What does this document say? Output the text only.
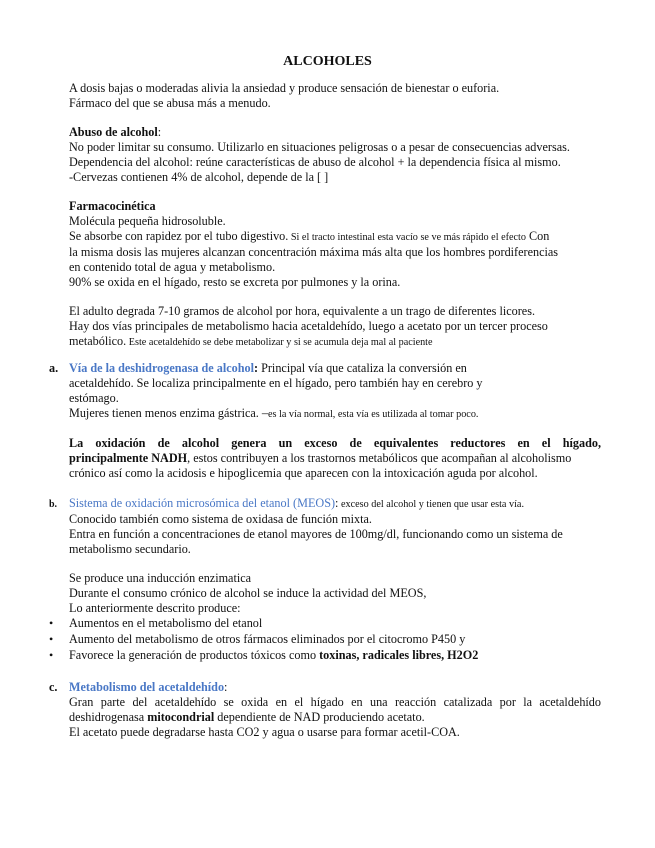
ALCOHOLES
A dosis bajas o moderadas alivia la ansiedad y produce sensación de bienestar o euforia.
Fármaco del que se abusa más a menudo.
Abuso de alcohol:
No poder limitar su consumo. Utilizarlo en situaciones peligrosas o a pesar de consecuencias adversas.
Dependencia del alcohol: reúne características de abuso de alcohol + la dependencia física al mismo.
-Cervezas contienen 4% de alcohol, depende de la [ ]
Farmacocinética
Molécula pequeña hidrosoluble.
Se absorbe con rapidez por el tubo digestivo. Si el tracto intestinal esta vacío se ve más rápido el efecto Con
la misma dosis las mujeres alcanzan concentración máxima más alta que los hombres pordiferencias
en contenido total de agua y metabolismo.
90% se oxida en el hígado, resto se excreta por pulmones y la orina.
El adulto degrada 7-10 gramos de alcohol por hora, equivalente a un trago de diferentes licores.
Hay dos vías principales de metabolismo hacia acetaldehído, luego a acetato por un tercer proceso
metabólico. Este acetaldehído se debe metabolizar y si se acumula deja mal al paciente
a. Vía de la deshidrogenasa de alcohol: Principal vía que cataliza la conversión en
acetaldehído. Se localiza principalmente en el hígado, pero también hay en cerebro y
estómago.
Mujeres tienen menos enzima gástrica. –es la vía normal, esta vía es utilizada al tomar poco.
La oxidación de alcohol genera un exceso de equivalentes reductores en el hígado,
principalmente NADH, estos contribuyen a los trastornos metabólicos que acompañan al alcoholismo
crónico así como la acidosis e hipoglicemia que aparecen con la intoxicación aguda por alcohol.
b. Sistema de oxidación microsómica del etanol (MEOS): exceso del alcohol y tienen que usar esta vía.
Conocido también como sistema de oxidasa de función mixta.
Entra en función a concentraciones de etanol mayores de 100mg/dl, funcionando como un sistema de
metabolismo secundario.
Se produce una inducción enzimatica
Durante el consumo crónico de alcohol se induce la actividad del MEOS,
Lo anteriormente descrito produce:
• Aumentos en el metabolismo del etanol
• Aumento del metabolismo de otros fármacos eliminados por el citocromo P450 y
• Favorece la generación de productos tóxicos como toxinas, radicales libres, H2O2
c. Metabolismo del acetaldehído:
Gran parte del acetaldehído se oxida en el hígado en una reacción catalizada por la acetaldehído
deshidrogenasa mitocondrial dependiente de NAD produciendo acetato.
El acetato puede degradarse hasta CO2 y agua o usarse para formar acetil-COA.
